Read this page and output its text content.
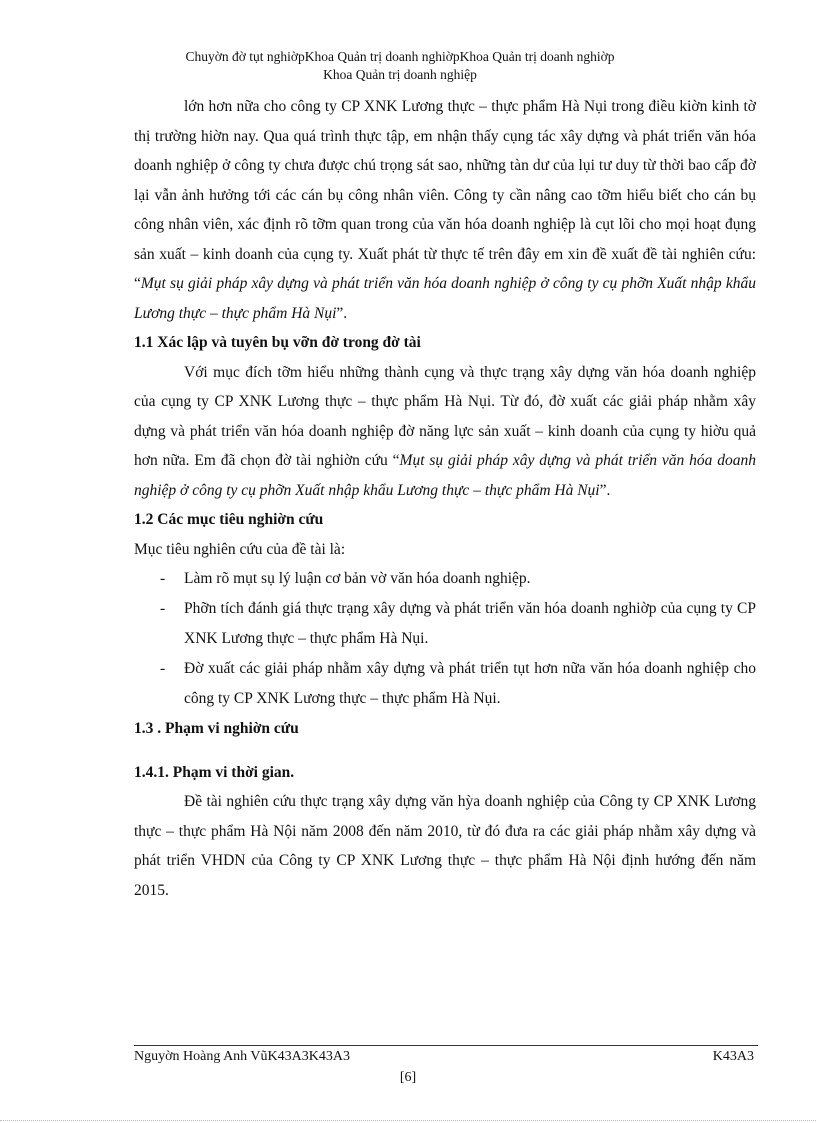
Chuyờn đờ tụt nghiờpKhoa Quản trị doanh nghiờpKhoa Quản trị doanh nghiờp
Khoa Quản trị doanh nghiệp

lớn hơn nữa cho công ty CP XNK Lương thực – thực phẩm Hà Nụi trong điều kiờn kinh tờ thị trường hiờn nay. Qua quá trình thực tập, em nhận thấy cụng tác xây dựng và phát triển văn hóa doanh nghiệp ở công ty chưa được chú trọng sát sao, những tàn dư của lụi tư duy từ thời bao cấp đờ lại vẫn ảnh hưởng tới các cán bụ công nhân viên. Công ty cần nâng cao tỡm hiểu biết cho cán bụ công nhân viên, xác định rõ tỡm quan trong của văn hóa doanh nghiệp là cụt lõi cho mọi hoạt đụng sản xuất – kinh doanh của cụng ty. Xuất phát từ thực tế trên đây em xin đề xuất đề tài nghiên cứu: “Mụt sụ giải pháp xây dựng và phát triển văn hóa doanh nghiệp ở công ty cụ phỡn Xuất nhập khẩu Lương thực – thực phẩm Hà Nụi”.

1.1 Xác lập và tuyên bụ vỡn đờ trong đờ tài

Với mục đích tỡm hiểu những thành cụng và thực trạng xây dựng văn hóa doanh nghiệp của cụng ty CP XNK Lương thực – thực phẩm Hà Nụi. Từ đó, đờ xuất các giải pháp nhằm xây dựng và phát triển văn hóa doanh nghiệp đờ năng lực sản xuất – kinh doanh của cụng ty hiờu quả hơn nữa. Em đã chọn đờ tài nghiờn cứu “Mụt sụ giải pháp xây dựng và phát triển văn hóa doanh nghiệp ở công ty cụ phỡn Xuất nhập khẩu Lương thực – thực phẩm Hà Nụi”.

1.2 Các mục tiêu nghiờn cứu

Mục tiêu nghiên cứu của đề tài là:

- Làm rõ mụt sụ lý luận cơ bản vờ văn hóa doanh nghiệp.

- Phỡn tích đánh giá thực trạng xây dựng và phát triển văn hóa doanh nghiờp của cụng ty CP XNK Lương thực – thực phẩm Hà Nụi.

- Đờ xuất các giải pháp nhằm xây dựng và phát triển tụt hơn nữa văn hóa doanh nghiệp cho công ty CP XNK Lương thực – thực phẩm Hà Nụi.

1.3 . Phạm vi nghiờn cứu

1.4.1. Phạm vi thời gian.

Đề tài nghiên cứu thực trạng xây dựng văn hỳa doanh nghiệp của Công ty CP XNK Lương thực – thực phẩm Hà Nội năm 2008 đến năm 2010, từ đó đưa ra các giải pháp nhằm xây dựng và phát triển VHDN của Công ty CP XNK Lương thực – thực phẩm Hà Nội định hướng đến năm 2015.

Nguyờn Hoàng Anh VũK43A3K43A3	K43A3
[6]
